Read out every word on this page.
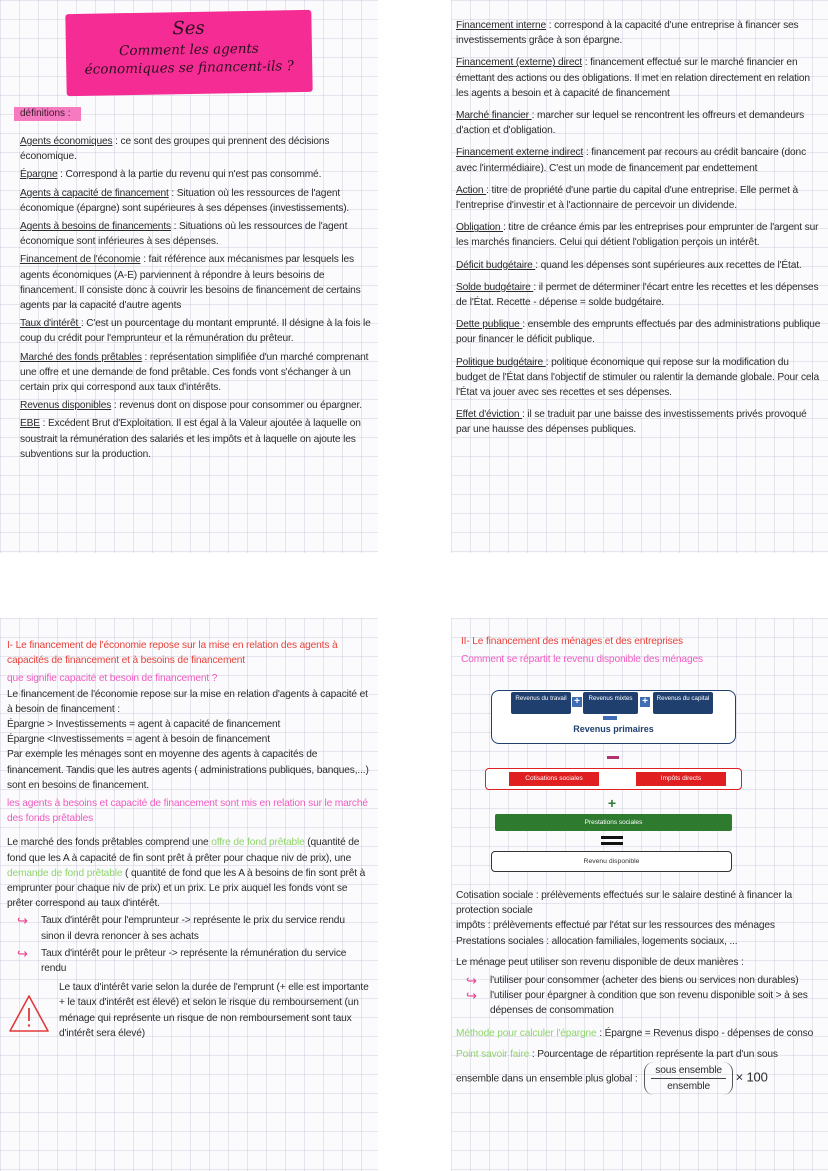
Ses
Comment les agents économiques se financent-ils ?
définitions :

Agents économiques : ce sont des groupes qui prennent des décisions économique.

Épargne : Correspond à la partie du revenu qui n'est pas consommé.

Agents à capacité de financement : Situation où les ressources de l'agent économique (épargne) sont supérieures à ses dépenses (investissements).

Agents à besoins de financements : Situations où les ressources de l'agent économique sont inférieures à ses dépenses.

Financement de l'économie : fait référence aux mécanismes par lesquels les agents économiques (A-E) parviennent à répondre à leurs besoins de financement. Il consiste donc à couvrir les besoins de financement de certains agents par la capacité d'autre agents

Taux d'intérêt : C'est un pourcentage du montant emprunté. Il désigne à la fois le coup du crédit pour l'emprunteur et la rémunération du prêteur.

Marché des fonds prêtables : représentation simplifiée d'un marché comprenant une offre et une demande de fond prêtable. Ces fonds vont s'échanger à un certain prix qui correspond aux taux d'intérêts.

Revenus disponibles : revenus dont on dispose pour consommer ou épargner.

EBE : Excédent Brut d'Exploitation. Il est égal à la Valeur ajoutée à laquelle on soustrait la rémunération des salariés et les impôts et à laquelle on ajoute les subventions sur la production.

Financement interne : correspond à la capacité d'une entreprise à financer ses investissements grâce à son épargne.

Financement (externe) direct : financement effectué sur le marché financier en émettant des actions ou des obligations. Il met en relation directement en relation les agents a besoin et à capacité de financement

Marché financier : marcher sur lequel se rencontrent les offreurs et demandeurs d'action et d'obligation.

Financement externe indirect : financement par recours au crédit bancaire (donc avec l'intermédiaire). C'est un mode de financement par endettement

Action : titre de propriété d'une partie du capital d'une entreprise. Elle permet à l'entreprise d'investir et à l'actionnaire de percevoir un dividende.

Obligation : titre de créance émis par les entreprises pour emprunter de l'argent sur les marchés financiers. Celui qui détient l'obligation perçois un intérêt.

Déficit budgétaire : quand les dépenses sont supérieures aux recettes de l'État.

Solde budgétaire : il permet de déterminer l'écart entre les recettes et les dépenses de l'État. Recette - dépense = solde budgétaire.

Dette publique : ensemble des emprunts effectués par des administrations publique pour financer le déficit publique.

Politique budgétaire : politique économique qui repose sur la modification du budget de l'État dans l'objectif de stimuler ou ralentir la demande globale. Pour cela l'État va jouer avec ses recettes et ses dépenses.

Effet d'éviction : il se traduit par une baisse des investissements privés provoqué par une hausse des dépenses publiques.

I- Le financement de l'économie repose sur la mise en relation des agents à capacités de financement et à besoins de financement

que signifie capacité et besoin de financement ?

Le financement de l'économie repose sur la mise en relation d'agents à capacité et à besoin de financement :

Épargne > Investissements = agent à capacité de financement

Épargne <Investissements = agent à besoin de financement

Par exemple les ménages sont en moyenne des agents à capacités de financement. Tandis que les autres agents ( administrations publiques, banques,...) sont en besoins de financement.

les agents à besoins et capacité de financement sont mis en relation sur le marché des fonds prêtables

Le marché des fonds prêtables comprend une offre de fond prêtable (quantité de fond que les A à capacité de fin sont prêt à prêter pour chaque niv de prix), une demande de fond prêtable ( quantité de fond que les A à besoins de fin sont prêt à emprunter pour chaque niv de prix) et un prix. Le prix auquel les fonds vont se prêter correspond au taux d'intérêt.

↪	Taux d'intérêt pour l'emprunteur -> représente le prix du service rendu sinon il devra renoncer à ses achats
↪	Taux d'intérêt pour le prêteur -> représente la rémunération du service rendu
Le taux d'intérêt varie selon la durée de l'emprunt (+ elle est importante + le taux d'intérêt est élevé) et selon le risque du remboursement (un ménage qui représente un risque de non remboursement sont taux d'intérêt sera élevé)

II- Le financement des ménages et des entreprises

Comment se répartit le revenu disponible des ménages

Revenus du travail	Revenus mixtes	Revenus du capital
+	+
Revenus primaires
Cotisations sociales	Impôts directs
+
Prestations sociales
Revenu disponible

Cotisation sociale : prélèvements effectués sur le salaire destiné à financer la protection sociale

impôts : prélèvements effectué par l'état sur les ressources des ménages

Prestations sociales : allocation familiales, logements sociaux, ...

Le ménage peut utiliser son revenu disponible de deux manières :

↪	l'utiliser pour consommer (acheter des biens ou services non durables)
↪	l'utiliser pour épargner à condition que son revenu disponible soit > à ses dépenses de consommation

Méthode pour calculer l'épargne : Épargne = Revenus dispo - dépenses de conso

Point savoir faire : Pourcentage de répartition représente la part d'un sous ensemble dans un ensemble plus global : $\frac{\text{sous ensemble}}{\text{ensemble}} \times 100$
